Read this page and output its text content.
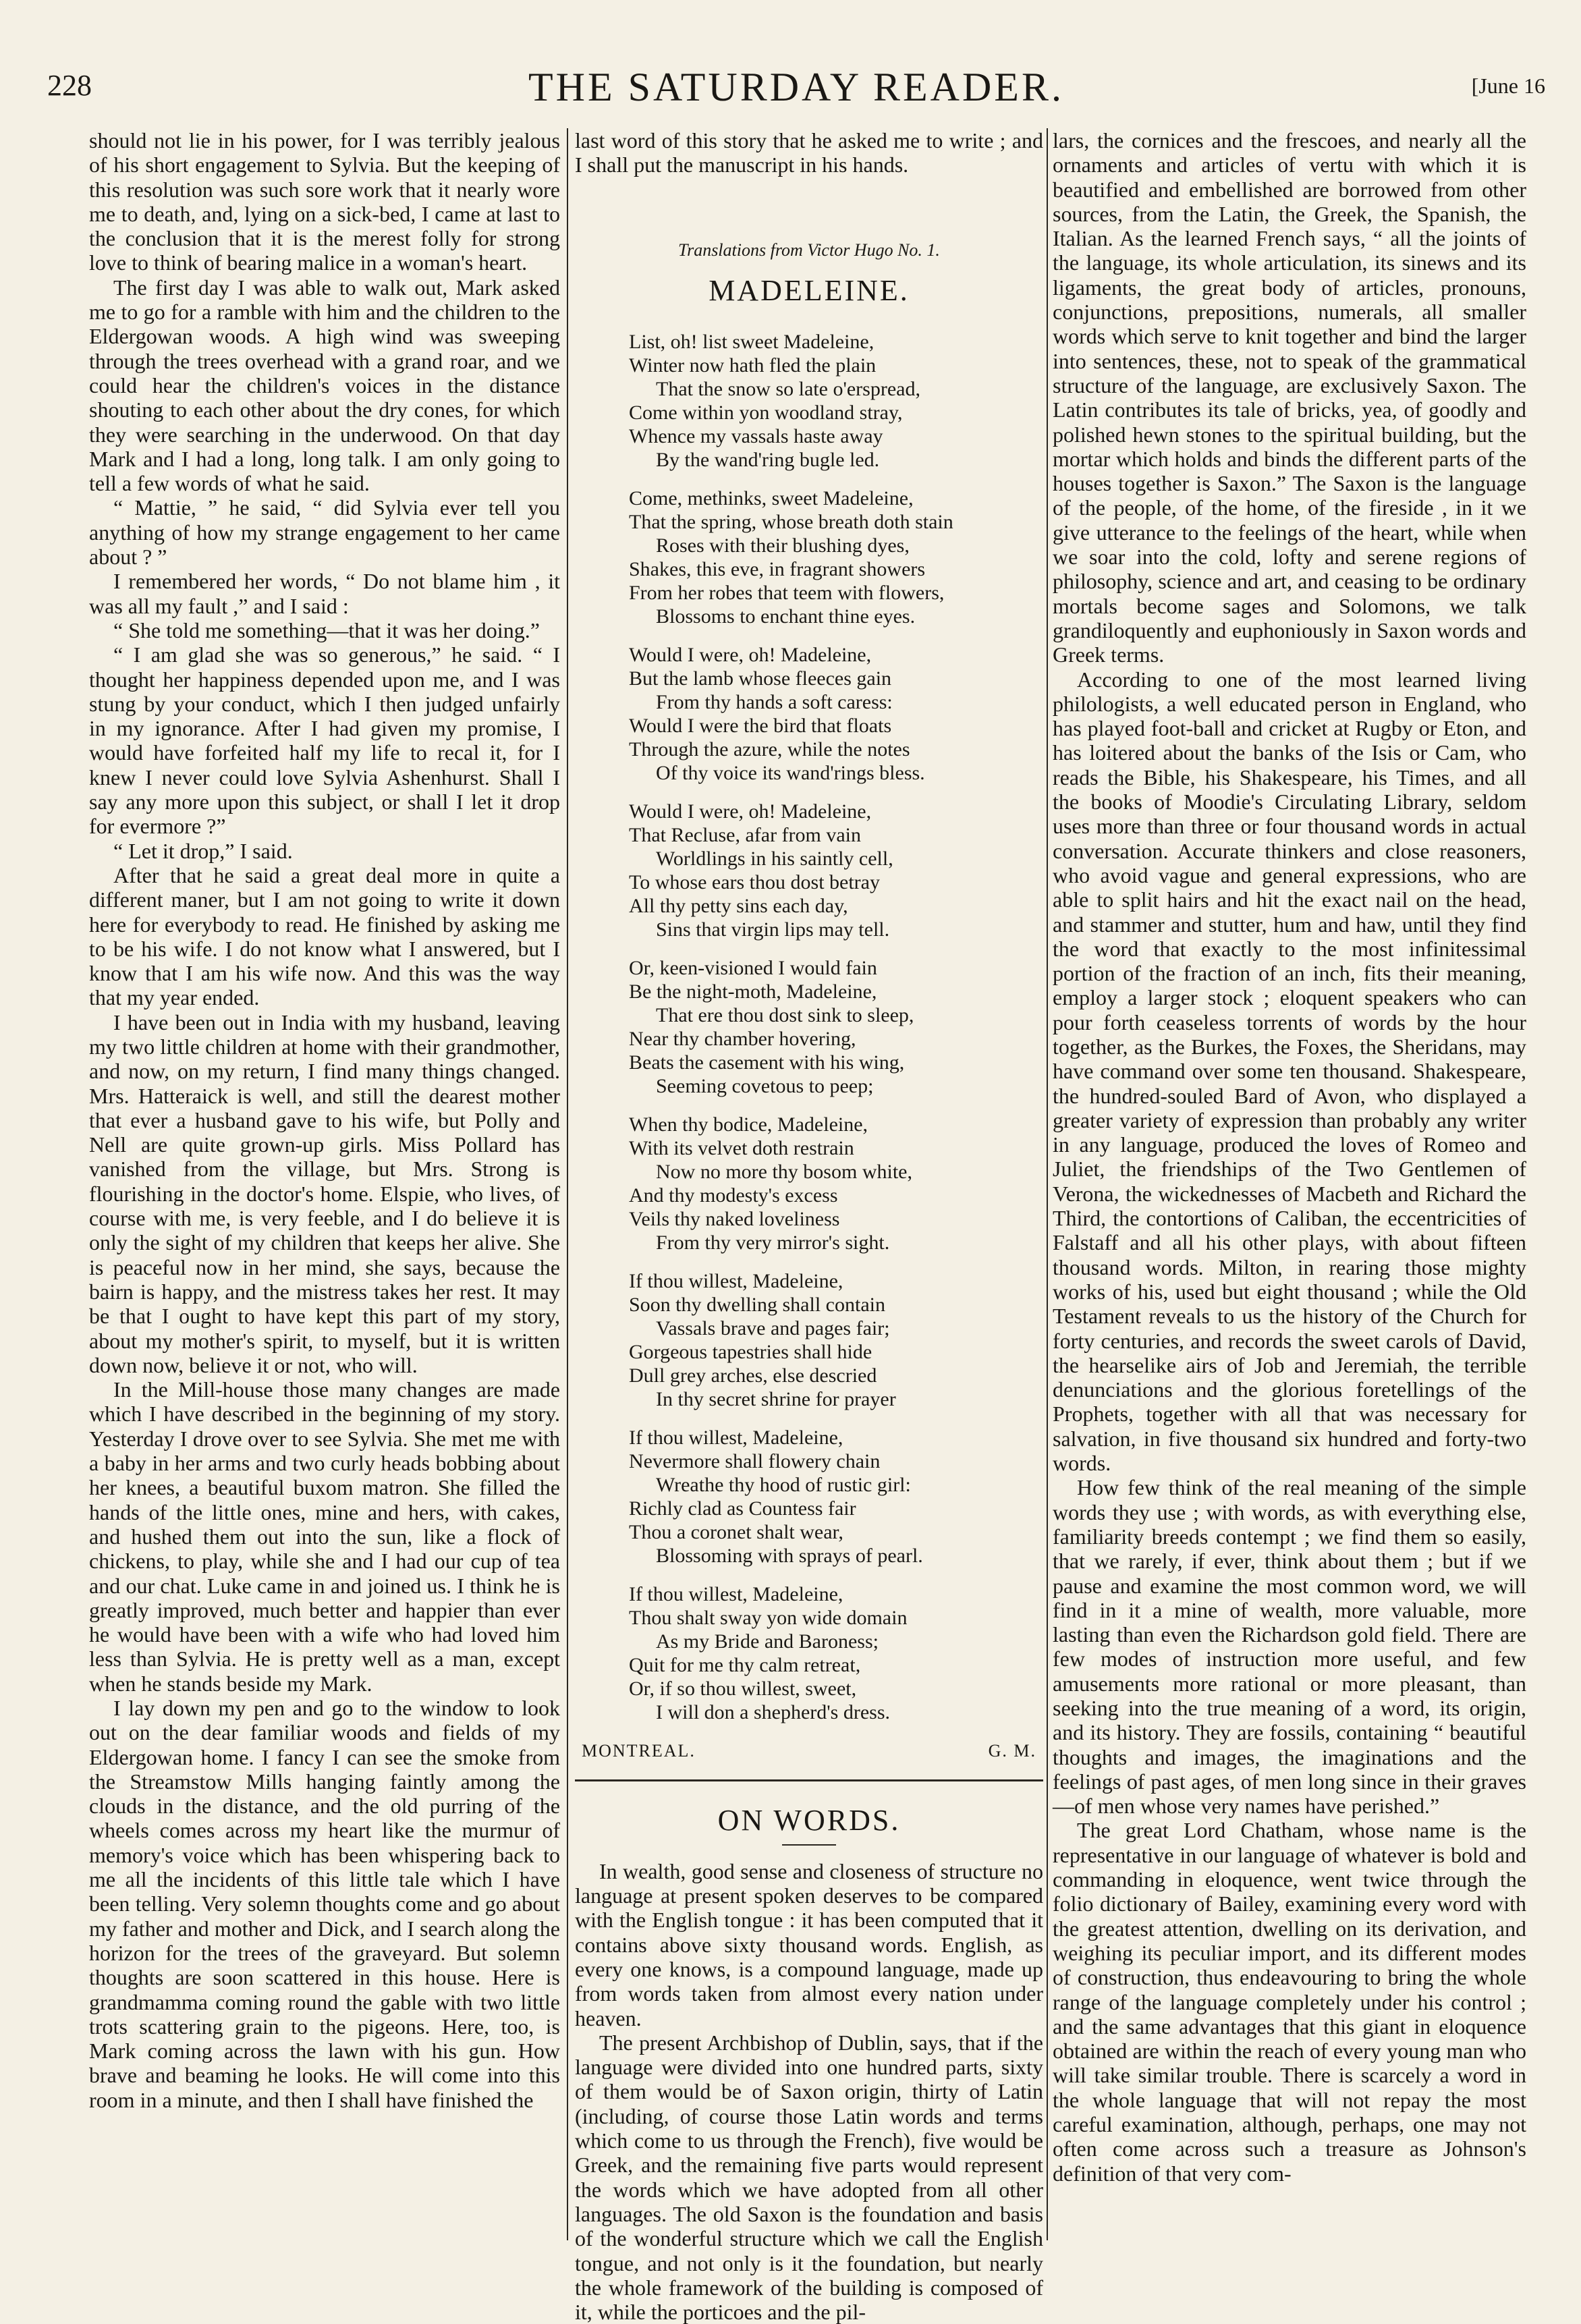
228	THE SATURDAY READER.	[June 16

should not lie in his power, for I was terribly jealous of his short engagement to Sylvia. But the keeping of this resolution was such sore work that it nearly wore me to death, and, lying on a sick-bed, I came at last to the conclusion that it is the merest folly for strong love to think of bearing malice in a woman's heart.

The first day I was able to walk out, Mark asked me to go for a ramble with him and the children to the Eldergowan woods. A high wind was sweeping through the trees overhead with a grand roar, and we could hear the children's voices in the distance shouting to each other about the dry cones, for which they were searching in the underwood. On that day Mark and I had a long, long talk. I am only going to tell a few words of what he said.

“ Mattie, ” he said, “ did Sylvia ever tell you anything of how my strange engagement to her came about ? ”

I remembered her words, “ Do not blame him , it was all my fault ,” and I said :

“ She told me something—that it was her doing.”

“ I am glad she was so generous,” he said. “ I thought her happiness depended upon me, and I was stung by your conduct, which I then judged unfairly in my ignorance. After I had given my promise, I would have forfeited half my life to recal it, for I knew I never could love Sylvia Ashenhurst. Shall I say any more upon this subject, or shall I let it drop for evermore ?”

“ Let it drop,” I said.

After that he said a great deal more in quite a different maner, but I am not going to write it down here for everybody to read. He finished by asking me to be his wife. I do not know what I answered, but I know that I am his wife now. And this was the way that my year ended.

I have been out in India with my husband, leaving my two little children at home with their grandmother, and now, on my return, I find many things changed. Mrs. Hatteraick is well, and still the dearest mother that ever a husband gave to his wife, but Polly and Nell are quite grown-up girls. Miss Pollard has vanished from the village, but Mrs. Strong is flourishing in the doctor's home. Elspie, who lives, of course with me, is very feeble, and I do believe it is only the sight of my children that keeps her alive. She is peaceful now in her mind, she says, because the bairn is happy, and the mistress takes her rest. It may be that I ought to have kept this part of my story, about my mother's spirit, to myself, but it is written down now, believe it or not, who will.

In the Mill-house those many changes are made which I have described in the beginning of my story. Yesterday I drove over to see Sylvia. She met me with a baby in her arms and two curly heads bobbing about her knees, a beautiful buxom matron. She filled the hands of the little ones, mine and hers, with cakes, and hushed them out into the sun, like a flock of chickens, to play, while she and I had our cup of tea and our chat. Luke came in and joined us. I think he is greatly improved, much better and happier than ever he would have been with a wife who had loved him less than Sylvia. He is pretty well as a man, except when he stands beside my Mark.

I lay down my pen and go to the window to look out on the dear familiar woods and fields of my Eldergowan home. I fancy I can see the smoke from the Streamstow Mills hanging faintly among the clouds in the distance, and the old purring of the wheels comes across my heart like the murmur of memory's voice which has been whispering back to me all the incidents of this little tale which I have been telling. Very solemn thoughts come and go about my father and mother and Dick, and I search along the horizon for the trees of the graveyard. But solemn thoughts are soon scattered in this house. Here is grandmamma coming round the gable with two little trots scattering grain to the pigeons. Here, too, is Mark coming across the lawn with his gun. How brave and beaming he looks. He will come into this room in a minute, and then I shall have finished the

last word of this story that he asked me to write ; and I shall put the manuscript in his hands.

Translations from Victor Hugo No. 1.
MADELEINE.
List, oh! list sweet Madeleine,
Winter now hath fled the plain
That the snow so late o'erspread,
Come within yon woodland stray,
Whence my vassals haste away
By the wand'ring bugle led.
Come, methinks, sweet Madeleine,
That the spring, whose breath doth stain
Roses with their blushing dyes,
Shakes, this eve, in fragrant showers
From her robes that teem with flowers,
Blossoms to enchant thine eyes.
Would I were, oh! Madeleine,
But the lamb whose fleeces gain
From thy hands a soft caress:
Would I were the bird that floats
Through the azure, while the notes
Of thy voice its wand'rings bless.
Would I were, oh! Madeleine,
That Recluse, afar from vain
Worldlings in his saintly cell,
To whose ears thou dost betray
All thy petty sins each day,
Sins that virgin lips may tell.
Or, keen-visioned I would fain
Be the night-moth, Madeleine,
That ere thou dost sink to sleep,
Near thy chamber hovering,
Beats the casement with his wing,
Seeming covetous to peep;
When thy bodice, Madeleine,
With its velvet doth restrain
Now no more thy bosom white,
And thy modesty's excess
Veils thy naked loveliness
From thy very mirror's sight.
If thou willest, Madeleine,
Soon thy dwelling shall contain
Vassals brave and pages fair;
Gorgeous tapestries shall hide
Dull grey arches, else descried
In thy secret shrine for prayer
If thou willest, Madeleine,
Nevermore shall flowery chain
Wreathe thy hood of rustic girl:
Richly clad as Countess fair
Thou a coronet shalt wear,
Blossoming with sprays of pearl.
If thou willest, Madeleine,
Thou shalt sway yon wide domain
As my Bride and Baroness;
Quit for me thy calm retreat,
Or, if so thou willest, sweet,
I will don a shepherd's dress.
MONTREAL.	G. M.
ON WORDS.

In wealth, good sense and closeness of structure no language at present spoken deserves to be compared with the English tongue : it has been computed that it contains above sixty thousand words. English, as every one knows, is a compound language, made up from words taken from almost every nation under heaven.

The present Archbishop of Dublin, says, that if the language were divided into one hundred parts, sixty of them would be of Saxon origin, thirty of Latin (including, of course those Latin words and terms which come to us through the French), five would be Greek, and the remaining five parts would represent the words which we have adopted from all other languages. The old Saxon is the foundation and basis of the wonderful structure which we call the English tongue, and not only is it the foundation, but nearly the whole framework of the building is composed of it, while the porticoes and the pil-

lars, the cornices and the frescoes, and nearly all the ornaments and articles of vertu with which it is beautified and embellished are borrowed from other sources, from the Latin, the Greek, the Spanish, the Italian. As the learned French says, “ all the joints of the language, its whole articulation, its sinews and its ligaments, the great body of articles, pronouns, conjunctions, prepositions, numerals, all smaller words which serve to knit together and bind the larger into sentences, these, not to speak of the grammatical structure of the language, are exclusively Saxon. The Latin contributes its tale of bricks, yea, of goodly and polished hewn stones to the spiritual building, but the mortar which holds and binds the different parts of the houses together is Saxon.” The Saxon is the language of the people, of the home, of the fireside , in it we give utterance to the feelings of the heart, while when we soar into the cold, lofty and serene regions of philosophy, science and art, and ceasing to be ordinary mortals become sages and Solomons, we talk grandiloquently and euphoniously in Saxon words and Greek terms.

According to one of the most learned living philologists, a well educated person in England, who has played foot-ball and cricket at Rugby or Eton, and has loitered about the banks of the Isis or Cam, who reads the Bible, his Shakespeare, his Times, and all the books of Moodie's Circulating Library, seldom uses more than three or four thousand words in actual conversation. Accurate thinkers and close reasoners, who avoid vague and general expressions, who are able to split hairs and hit the exact nail on the head, and stammer and stutter, hum and haw, until they find the word that exactly to the most infinitessimal portion of the fraction of an inch, fits their meaning, employ a larger stock ; eloquent speakers who can pour forth ceaseless torrents of words by the hour together, as the Burkes, the Foxes, the Sheridans, may have command over some ten thousand. Shakespeare, the hundred-souled Bard of Avon, who displayed a greater variety of expression than probably any writer in any language, produced the loves of Romeo and Juliet, the friendships of the Two Gentlemen of Verona, the wickednesses of Macbeth and Richard the Third, the contortions of Caliban, the eccentricities of Falstaff and all his other plays, with about fifteen thousand words. Milton, in rearing those mighty works of his, used but eight thousand ; while the Old Testament reveals to us the history of the Church for forty centuries, and records the sweet carols of David, the hearselike airs of Job and Jeremiah, the terrible denunciations and the glorious foretellings of the Prophets, together with all that was necessary for salvation, in five thousand six hundred and forty-two words.

How few think of the real meaning of the simple words they use ; with words, as with everything else, familiarity breeds contempt ; we find them so easily, that we rarely, if ever, think about them ; but if we pause and examine the most common word, we will find in it a mine of wealth, more valuable, more lasting than even the Richardson gold field. There are few modes of instruction more useful, and few amusements more rational or more pleasant, than seeking into the true meaning of a word, its origin, and its history. They are fossils, containing “ beautiful thoughts and images, the imaginations and the feelings of past ages, of men long since in their graves—of men whose very names have perished.”

The great Lord Chatham, whose name is the representative in our language of whatever is bold and commanding in eloquence, went twice through the folio dictionary of Bailey, examining every word with the greatest attention, dwelling on its derivation, and weighing its peculiar import, and its different modes of construction, thus endeavouring to bring the whole range of the language completely under his control ; and the same advantages that this giant in eloquence obtained are within the reach of every young man who will take similar trouble. There is scarcely a word in the whole language that will not repay the most careful examination, although, perhaps, one may not often come across such a treasure as Johnson's definition of that very com-
